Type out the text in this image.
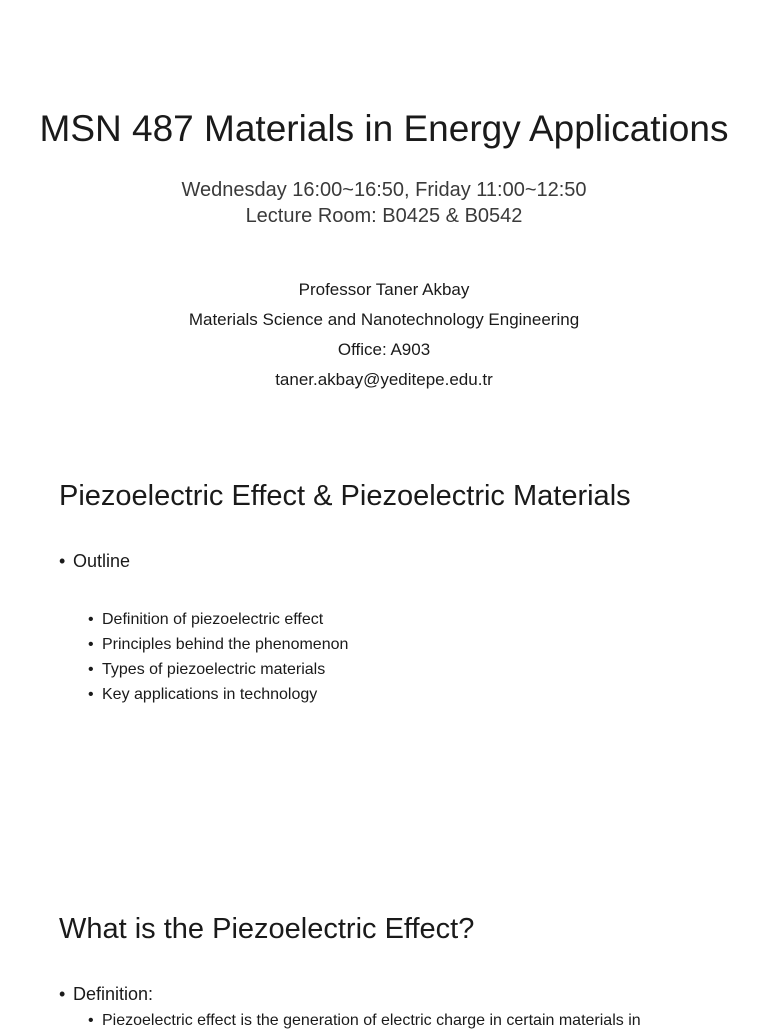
MSN 487 Materials in Energy Applications
Wednesday 16:00~16:50, Friday 11:00~12:50
Lecture Room: B0425 & B0542
Professor Taner Akbay
Materials Science and Nanotechnology Engineering
Office: A903
taner.akbay@yeditepe.edu.tr
Piezoelectric Effect & Piezoelectric Materials
• Outline
• Definition of piezoelectric effect
• Principles behind the phenomenon
• Types of piezoelectric materials
• Key applications in technology
What is the Piezoelectric Effect?
• Definition:
• Piezoelectric effect is the generation of electric charge in certain materials in
